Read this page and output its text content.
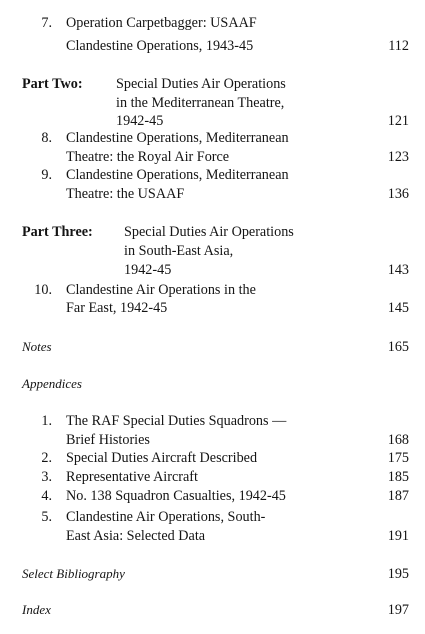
7. Operation Carpetbagger: USAAF
Clandestine Operations, 1943-45	112
Part Two: Special Duties Air Operations
in the Mediterranean Theatre,
1942-45	121
8. Clandestine Operations, Mediterranean
Theatre: the Royal Air Force	123
9. Clandestine Operations, Mediterranean
Theatre: the USAAF	136
Part Three: Special Duties Air Operations
in South-East Asia,
1942-45	143
10. Clandestine Air Operations in the
Far East, 1942-45	145
Notes	165
Appendices
1. The RAF Special Duties Squadrons —
Brief Histories	168
2. Special Duties Aircraft Described	175
3. Representative Aircraft	185
4. No. 138 Squadron Casualties, 1942-45	187
5. Clandestine Air Operations, South-
East Asia: Selected Data	191
Select Bibliography	195
Index	197
